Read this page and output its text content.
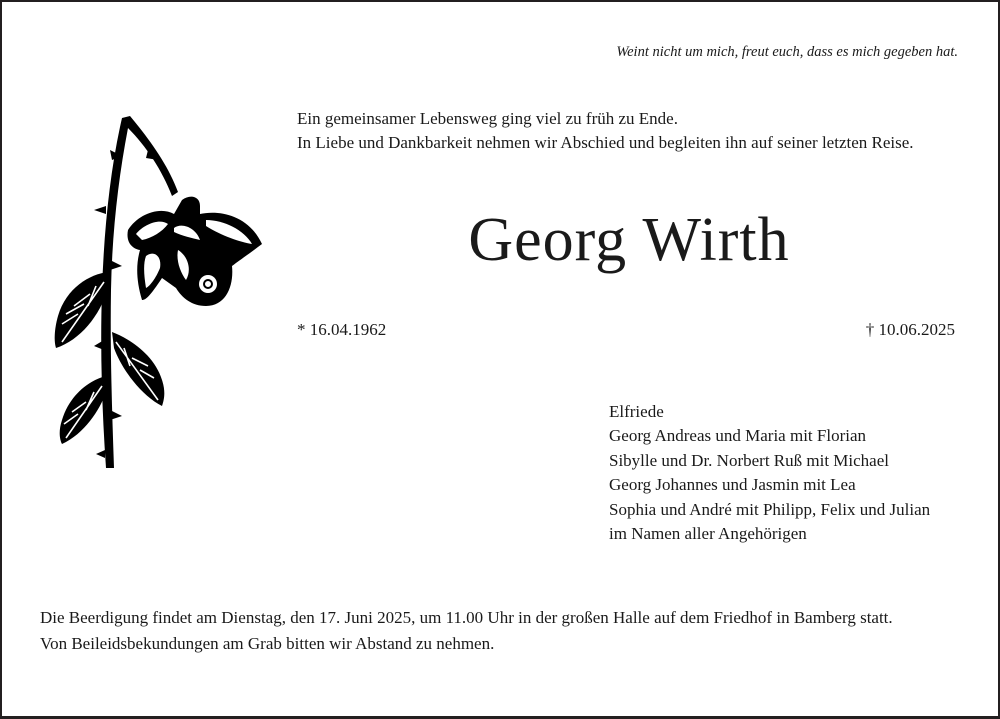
Weint nicht um mich, freut euch, dass es mich gegeben hat.
Ein gemeinsamer Lebensweg ging viel zu früh zu Ende.
In Liebe und Dankbarkeit nehmen wir Abschied und begleiten ihn auf seiner letzten Reise.
Georg Wirth
* 16.04.1962	† 10.06.2025
Elfriede
Georg Andreas und Maria mit Florian
Sibylle und Dr. Norbert Ruß mit Michael
Georg Johannes und Jasmin mit Lea
Sophia und André mit Philipp, Felix und Julian
im Namen aller Angehörigen
Die Beerdigung findet am Dienstag, den 17. Juni 2025, um 11.00 Uhr in der großen Halle auf dem Friedhof in Bamberg statt.
Von Beileidsbekundungen am Grab bitten wir Abstand zu nehmen.
